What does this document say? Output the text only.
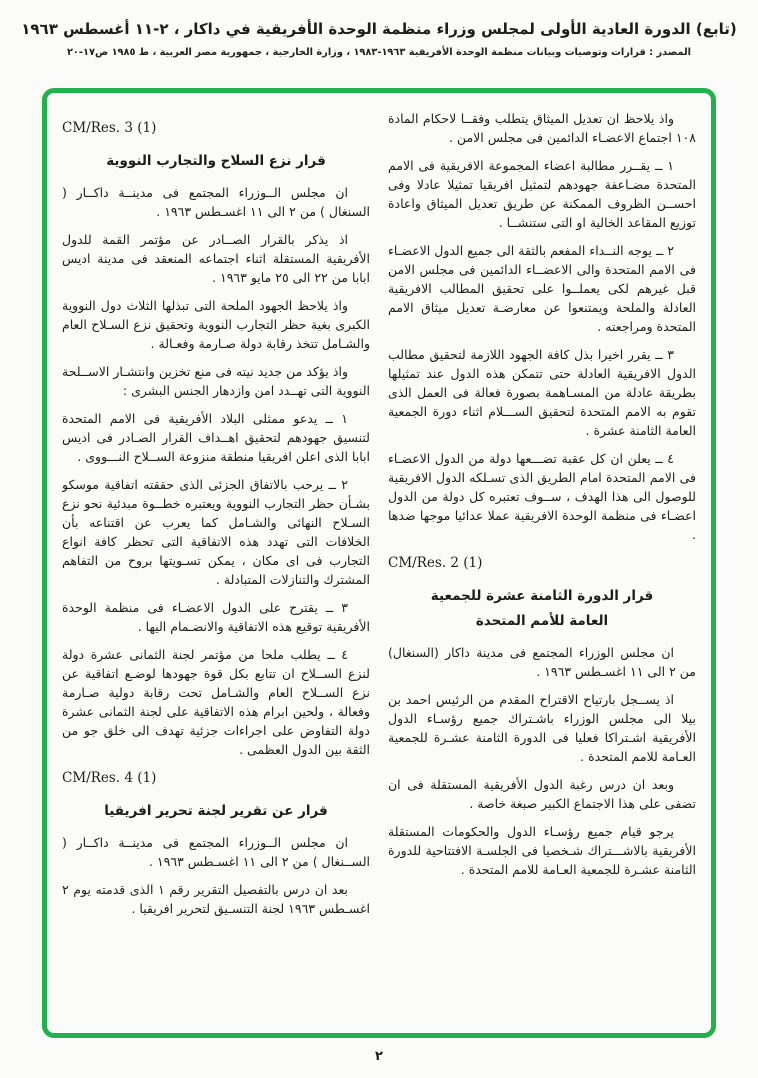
(تابع) الدورة العادية الأولى لمجلس وزراء منظمة الوحدة الأفريقية في داكار ، ٢-١١ أغسطس ١٩٦٣
المصدر : قرارات وتوصيات وبيانات منظمة الوحدة الأفريقية ١٩٦٣-١٩٨٣ ، وزارة الخارجية ، جمهورية مصر العربية ، ط ١٩٨٥ ص١٧-٢٠
واذ يلاحظ ان تعديل الميثاق يتطلب وفقــا لاحكام المادة ١٠٨ اجتماع الاعضـاء الدائمين فى مجلس الامن .
١ ــ يقــرر مطالبة اعضاء المجموعة الافريقية فى الامم المتحدة مضـاعفة جهودهم لتمثيل افريقيا تمثيلا عادلا وفى احســن الظروف الممكنة عن طريق تعديل الميثاق واعادة توزيع المقاعد الخالية او التى ستنشــا .
٢ ــ يوجه النــداء المفعم بالثقة الى جميع الدول الاعضـاء فى الامم المتحدة والى الاعضــاء الدائمين فى مجلس الامن قبل غيرهم لكى يعملــوا على تحقيق المطالب الافريقية العادلة والملحة ويمتنعوا عن معارضـة تعديل ميثاق الامم المتحدة ومراجعته .
٣ ــ يقرر اخيرا بذل كافة الجهود اللازمة لتحقيق مطالب الدول الافريقية العادلة حتى تتمكن هذه الدول عند تمثيلها بطريقة عادلة من المسـاهمة بصورة فعالة فى العمل الذى تقوم به الامم المتحدة لتحقيق الســـلام اثناء دورة الجمعية العامة الثامنة عشرة .
٤ ــ يعلن ان كل عقبة تضـــعها دولة من الدول الاعضـاء فى الامم المتحدة امام الطريق الذى تسـلكه الدول الافريقية للوصول الى هذا الهدف ، ســوف تعتبره كل دولة من الدول اعضـاء فى منظمة الوحدة الافريقية عملا عدائيا موجها ضدها .
CM/Res. 2 (1)
قرار الدورة الثامنة عشرة للجمعية
العامة للأمم المتحدة
ان مجلس الوزراء المجتمع فى مدينة داكار (السنغال) من ٢ الى ١١ اغسـطس ١٩٦٣ .
اذ يســجل بارتياح الاقتراح المقدم من الرئيس احمد بن بيلا الى مجلس الوزراء باشـتراك جميع رؤسـاء الدول الأفريقية اشـتراكا فعليا فى الدورة الثامنة عشـرة للجمعية العـامة للامم المتحدة .
وبعد ان درس رغبة الدول الأفريقية المستقلة فى ان تضفى على هذا الاجتماع الكبير صبغة خاصة .
يرجو قيام جميع رؤسـاء الدول والحكومات المستقلة الأفريقية بالاشـــتراك شـخصيا فى الجلسـة الافتتاحية للدورة الثامنة عشـرة للجمعية العـامة للامم المتحدة .
CM/Res. 3 (1)
قرار نزع السلاح والتجارب النووية
ان مجلس الــوزراء المجتمع فى مدينــة داكــار ( السنغال ) من ٢ الى ١١ اغسـطس ١٩٦٣ .
اذ يذكر بالقرار الصــادر عن مؤتمر القمة للدول الأفريقية المستقلة اثناء اجتماعه المنعقد فى مدينة اديس ابابا من ٢٢ الى ٢٥ مايو ١٩٦٣ .
واذ يلاحظ الجهود الملحة التى تبذلها الثلاث دول النووية الكبرى بغية حظر التجارب النووية وتحقيق نزع السـلاح العام والشـامل تتخذ رقابة دولة صـارمة وفعـالة .
واذ يؤكد من جديد نيته فى منع تخزين وانتشـار الاســلحة النووية التى تهــدد امن وازدهار الجنس البشرى :
١ ــ يدعو ممثلى البلاد الأفريقية فى الامم المتحدة لتنسيق جهودهم لتحقيق اهــداف القرار الصـادر فى اديس ابابا الذى اعلن افريقيا منطقة منزوعة الســلاح النـــووى .
٢ ــ يرحب بالاتفاق الجزئى الذى حققته اتفاقية موسكو بشـأن حظر التجارب النووية ويعتبره خطــوة مبدئية نحو نزع السـلاح النهائى والشـامل كما يعرب عن اقتناعه بأن الخلافات التى تهدد هذه الاتفاقية التى تحظر كافة انواع التجارب فى اى مكان ، يمكن تسـويتها بروح من التفاهم المشترك والتنازلات المتبادلة .
٣ ــ يقترح على الدول الاعضـاء فى منظمة الوحدة الأفريقية توقيع هذه الاتفاقية والانضـمام اليها .
٤ ــ يطلب ملحا من مؤتمر لجنة الثمانى عشرة دولة لنزع الســلاح ان تتابع بكل قوة جهودها لوضـع اتفاقية عن نزع الســلاح العام والشـامل تحت رقابة دولية صـارمة وفعالة ، ولحين ابرام هذه الاتفاقية على لجنة الثمانى عشرة دولة التفاوض على اجراءات جزئية تهدف الى خلق جو من الثقة بين الدول العظمى .
CM/Res. 4 (1)
قرار عن تقرير لجنة تحرير افريقيا
ان مجلس الــوزراء المجتمع فى مدينــة داكــار ( الســنغال ) من ٢ الى ١١ اغسـطس ١٩٦٣ .
بعد ان درس بالتفصيل التقرير رقم ١ الذى قدمته يوم ٢ اغسـطس ١٩٦٣ لجنة التنسـيق لتحرير افريقيا .
٢
